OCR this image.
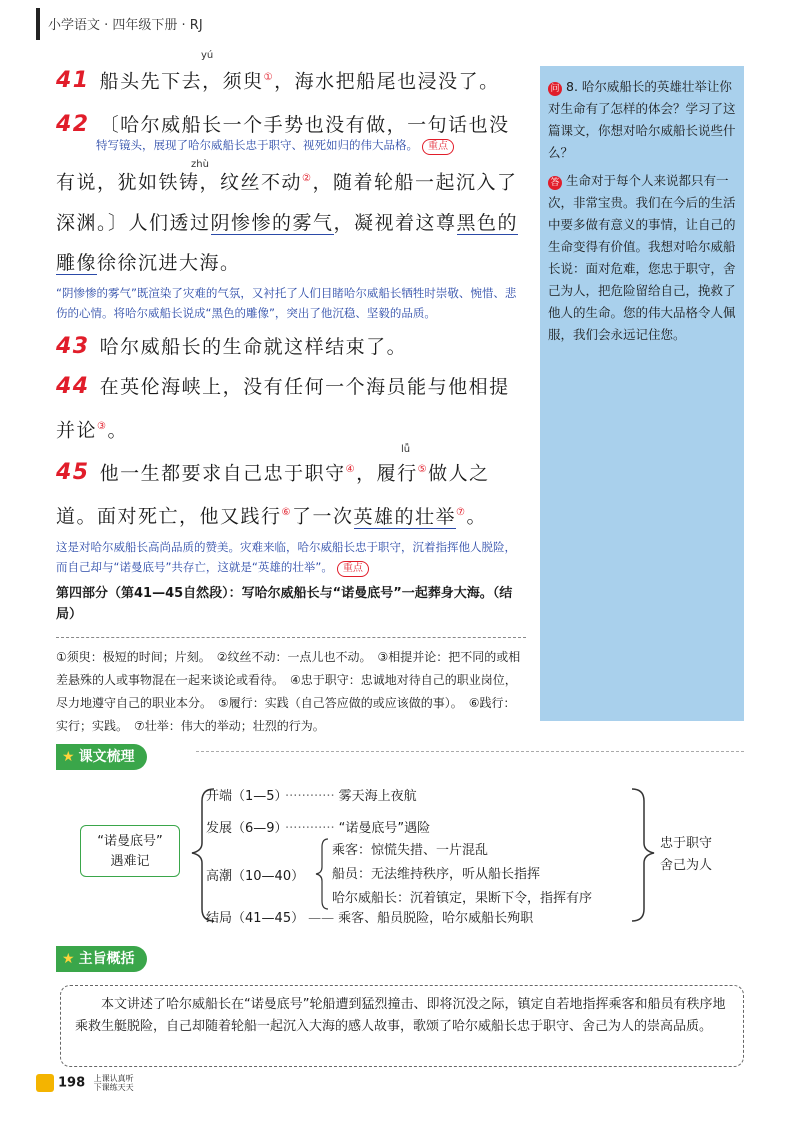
小学语文 · 四年级下册 · RJ
yú

41 船头先下去，须臾①，海水把船尾也浸没了。

42 〔哈尔威船长一个手势也没有做，一句话也没

特写镜头，展现了哈尔威船长忠于职守、视死如归的伟大品格。 重点

zhù

有说，犹如铁铸，纹丝不动②，随着轮船一起沉入了

深渊。〕人们透过阴惨惨的雾气，凝视着这尊黑色的

雕像徐徐沉进大海。

“阴惨惨的雾气”既渲染了灾难的气氛，又衬托了人们目睹哈尔威船长牺牲时崇敬、惋惜、悲伤的心情。将哈尔威船长说成“黑色的雕像”，突出了他沉稳、坚毅的品质。

43 哈尔威船长的生命就这样结束了。

44 在英伦海峡上，没有任何一个海员能与他相提

并论③。

lǚ

45 他一生都要求自己忠于职守④，履行⑤做人之

道。面对死亡，他又践行⑥了一次英雄的壮举⑦。

这是对哈尔威船长高尚品质的赞美。灾难来临，哈尔威船长忠于职守，沉着指挥他人脱险，而自己却与“诺曼底号”共存亡，这就是“英雄的壮举”。 重点

第四部分（第41—45自然段）：写哈尔威船长与“诺曼底号”一起葬身大海。（结局）

①须臾：极短的时间；片刻。　②纹丝不动：一点儿也不动。　③相提并论：把不同的或相差悬殊的人或事物混在一起来谈论或看待。　④忠于职守：忠诚地对待自己的职业岗位，尽力地遵守自己的职业本分。　⑤履行：实践（自己答应做的或应该做的事）。　⑥践行：实行；实践。　⑦壮举：伟大的举动；壮烈的行为。

问 8. 哈尔威船长的英雄壮举让你对生命有了怎样的体会？学习了这篇课文，你想对哈尔威船长说些什么？

答 生命对于每个人来说都只有一次，非常宝贵。我们在今后的生活中要多做有意义的事情，让自己的生命变得有价值。我想对哈尔威船长说：面对危难，您忠于职守，舍己为人，把危险留给自己，挽救了他人的生命。您的伟大品格令人佩服，我们会永远记住您。

★ 课文梳理
“诺曼底号”
遇难记
开端（1—5） ············ 雾天海上夜航
发展（6—9） ············ “诺曼底号”遇险
高潮（10—40）
乘客：惊慌失措、一片混乱
船员：无法维持秩序，听从船长指挥
哈尔威船长：沉着镇定，果断下令，指挥有序
结局（41—45） —— 乘客、船员脱险，哈尔威船长殉职
忠于职守
舍己为人
★ 主旨概括
本文讲述了哈尔威船长在“诺曼底号”轮船遭到猛烈撞击、即将沉没之际，镇定自若地指挥乘客和船员有秩序地乘救生艇脱险，自己却随着轮船一起沉入大海的感人故事，歌颂了哈尔威船长忠于职守、舍己为人的崇高品质。
198 上课认真听
下课练天天
